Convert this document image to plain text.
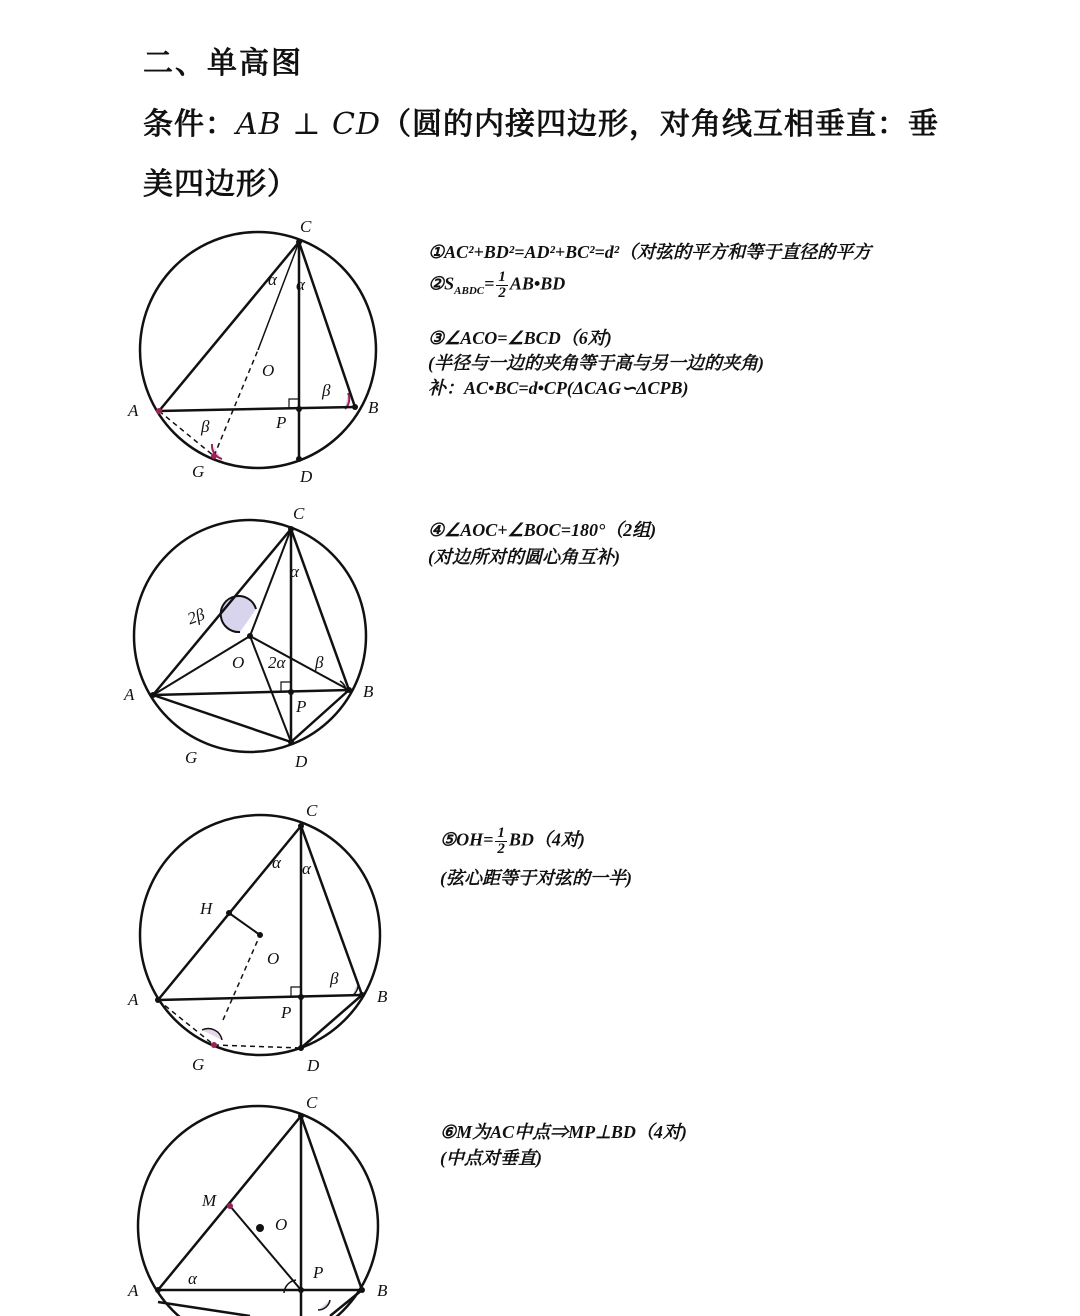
二、单高图
条件：AB ⊥ CD（圆的内接四边形，对角线互相垂直：垂美四边形）
C
A	B
O
P
D
G
α α
β
β
①AC²+BD²=AD²+BC²=d²（对弦的平方和等于直径的平方
$②S_{ABDC}= \frac{1}{2}$ AB•BD
③∠ACO=∠BCD（6对)
(半径与一边的夹角等于高与另一边的夹角)
补：AC•BC=d•CP(ΔCAG∽ΔCPB)
C
A	B
O
P
D
G
2β
α
2α β
④∠AOC+∠BOC=180°（2组)
(对边所对的圆心角互补)
C
A	B
O
H
P
D
G
α α
β
⑤OH= $\frac{1}{2} BD(4$对)
(弦心距等于对弦的一半)
C
A	B
O
M
P
α
⑥M为AC中点⇒MP⊥BD（4对)
(中点对垂直)
